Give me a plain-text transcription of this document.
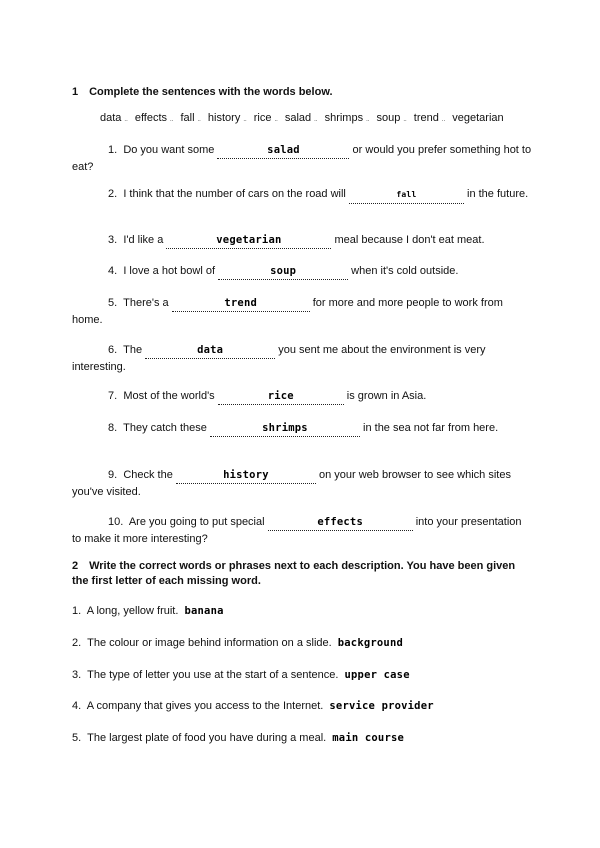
1 Complete the sentences with the words below.
data .. effects .. fall .. history .. rice .. salad .. shrimps .. soup .. trend .. vegetarian
1. Do you want some	salad	or would you prefer something hot to eat?
2. I think that the number of cars on the road will	fall	in the future.
3. I'd like a	vegetarian	meal because I don't eat meat.
4. I love a hot bowl of	soup	when it's cold outside.
5. There's a	trend	for more and more people to work from home.
6. The	data	you sent me about the environment is very interesting.
7. Most of the world's	rice	is grown in Asia.
8. They catch these	shrimps	in the sea not far from here.
9. Check the	history	on your web browser to see which sites you've visited.
10. Are you going to put special	effects	into your presentation to make it more interesting?
2 Write the correct words or phrases next to each description. You have been given the first letter of each missing word.
1. A long, yellow fruit. banana
2. The colour or image behind information on a slide. background
3. The type of letter you use at the start of a sentence. upper case
4. A company that gives you access to the Internet. service provider
5. The largest plate of food you have during a meal. main course
